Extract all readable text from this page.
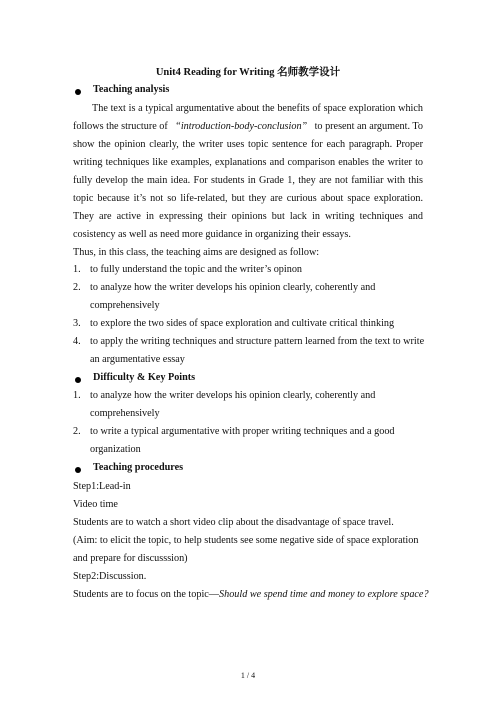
Unit4 Reading for Writing 名师教学设计
Teaching analysis
The text is a typical argumentative about the benefits of space exploration which
follows the structure of “introduction-body-conclusion” to present an argument. To
show the opinion clearly, the writer uses topic sentence for each paragraph. Proper
writing techniques like examples, explanations and comparison enables the writer to
fully develop the main idea. For students in Grade 1, they are not familiar with this
topic because it’s not so life-related, but they are curious about space exploration.
They are active in expressing their opinions but lack in writing techniques and
cosistency as well as need more guidance in organizing their essays.
Thus, in this class, the teaching aims are designed as follow:
1. to fully understand the topic and the writer’s opinon
2. to analyze how the writer develops his opinion clearly, coherently and
comprehensively
3. to explore the two sides of space exploration and cultivate critical thinking
4. to apply the writing techniques and structure pattern learned from the text to write
an argumentative essay
Difficulty & Key Points
1. to analyze how the writer develops his opinion clearly, coherently and
comprehensively
2. to write a typical argumentative with proper writing techniques and a good
organization
Teaching procedures
Step1:Lead-in
Video time
Students are to watch a short video clip about the disadvantage of space travel.
(Aim: to elicit the topic, to help students see some negative side of space exploration
and prepare for discusssion)
Step2:Discussion.
Students are to focus on the topic—Should we spend time and money to explore space?
1 / 4
